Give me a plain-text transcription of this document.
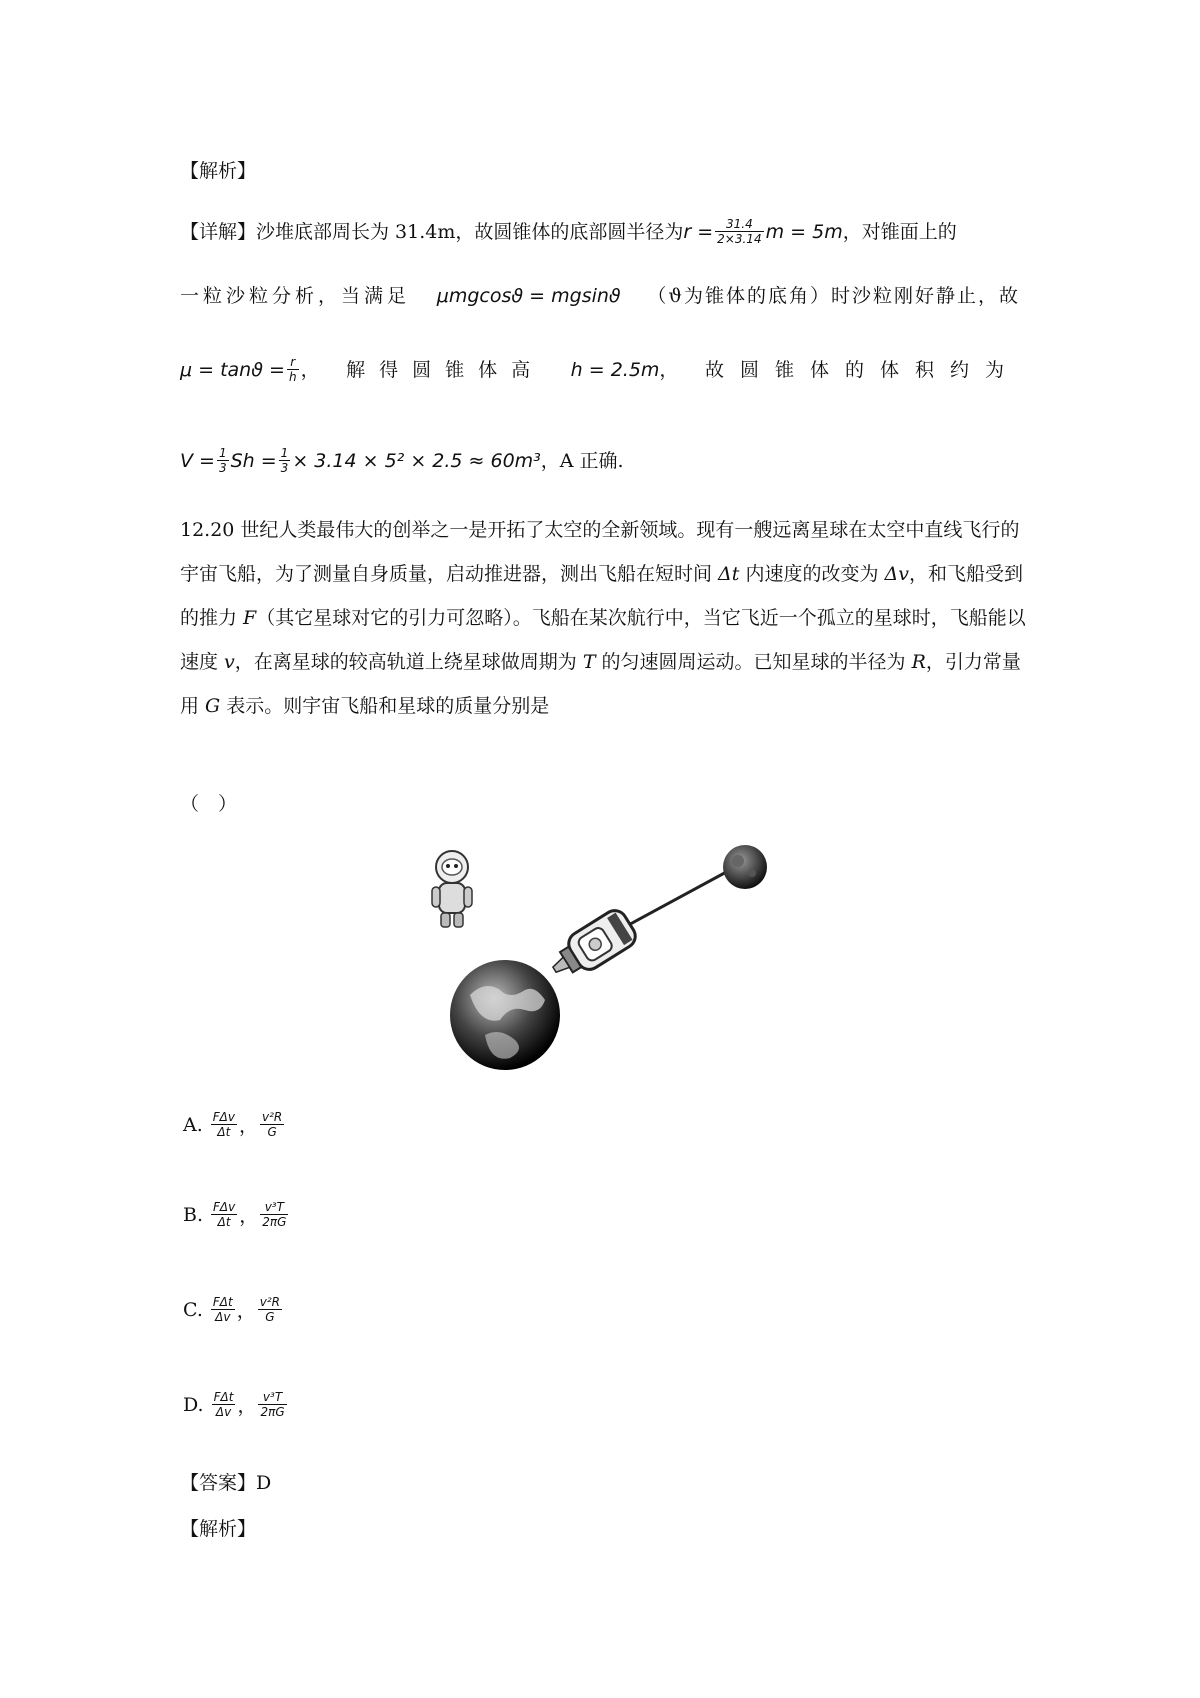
【解析】
【详解】 沙堆底部周长为 31.4m，故圆锥体的底部圆半径为 $r = \frac{31.4}{2\times 3.14}$ m = 5m ，对锥面上的
一粒沙粒分析，当满足 μmgcosϑ = mgsinϑ （ϑ为锥体的底角）时沙粒刚好静止，故
$\mu = \tan ϑ = \frac{r}{h}$ ， 解得圆锥体高 h = 2.5m ， 故圆锥体的体积约为
$V = \frac{1}{3}$ $Sh = \frac{1}{3} \times 3.14 \times 5^2 \times 2.5 \approx 60m^3$ ，A 正确.
12.20 世纪人类最伟大的创举之一是开拓了太空的全新领域。现有一艘远离星球在太空中直线飞行的宇宙飞船，为了测量自身质量，启动推进器，测出飞船在短时间 Δt 内速度的改变为 Δv，和飞船受到的推力 F（其它星球对它的引力可忽略）。飞船在某次航行中，当它飞近一个孤立的星球时，飞船能以速度 v，在离星球的较高轨道上绕星球做周期为 T 的匀速圆周运动。已知星球的半径为 R，引力常量用 G 表示。则宇宙飞船和星球的质量分别是
（　）
A. $\frac{\text{FΔv}}{\Delta t}$ ， $\frac{\text{v²R}}{G}$
B. $\frac{\text{FΔv}}{\Delta t}$ ， $\frac{\text{v³T}}{2\pi G}$
C. $\frac{\text{FΔt}}{\Delta v}$ ， $\frac{\text{v²R}}{G}$
D. $\frac{\text{FΔt}}{\Delta v}$ ， $\frac{\text{v³T}}{2\pi G}$
【答案】D
【解析】
